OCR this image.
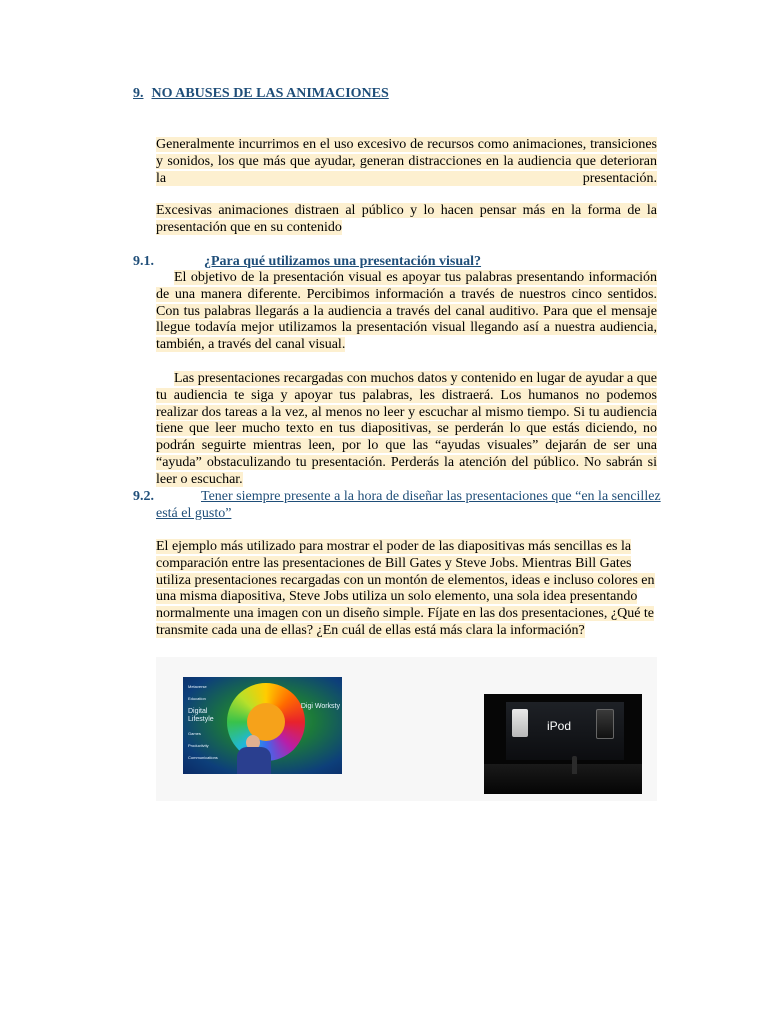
9. NO ABUSES DE LAS ANIMACIONES

Generalmente incurrimos en el uso excesivo de recursos como animaciones, transiciones y sonidos, los que más que ayudar, generan distracciones en la audiencia que deterioran la presentación.

Excesivas animaciones distraen al público y lo hacen pensar más en la forma de la presentación que en su contenido

9.1.	¿Para qué utilizamos una presentación visual?

El objetivo de la presentación visual es apoyar tus palabras presentando información de una manera diferente. Percibimos información a través de nuestros cinco sentidos. Con tus palabras llegarás a la audiencia a través del canal auditivo. Para que el mensaje llegue todavía mejor utilizamos la presentación visual llegando así a nuestra audiencia, también, a través del canal visual.

Las presentaciones recargadas con muchos datos y contenido en lugar de ayudar a que tu audiencia te siga y apoyar tus palabras, les distraerá. Los humanos no podemos realizar dos tareas a la vez, al menos no leer y escuchar al mismo tiempo. Si tu audiencia tiene que leer mucho texto en tus diapositivas, se perderán lo que estás diciendo, no podrán seguirte mientras leen, por lo que las “ayudas visuales” dejarán de ser una “ayuda” obstaculizando tu presentación. Perderás la atención del público. No sabrán si leer o escuchar.

9.2.	Tener siempre presente a la hora de diseñar las presentaciones que “en la sencillez está el gusto”

El ejemplo más utilizado para mostrar el poder de las diapositivas más sencillas es la comparación entre las presentaciones de Bill Gates y Steve Jobs. Mientras Bill Gates utiliza presentaciones recargadas con un montón de elementos, ideas e incluso colores en una misma diapositiva, Steve Jobs utiliza un solo elemento, una sola idea presentando normalmente una imagen con un diseño simple. Fíjate en las dos presentaciones, ¿Qué te transmite cada una de ellas? ¿En cuál de ellas está más clara la información?

Metaverse
Education
Digital Lifestyle
Games
Productivity
Communications
Digi Worksty
iPod
